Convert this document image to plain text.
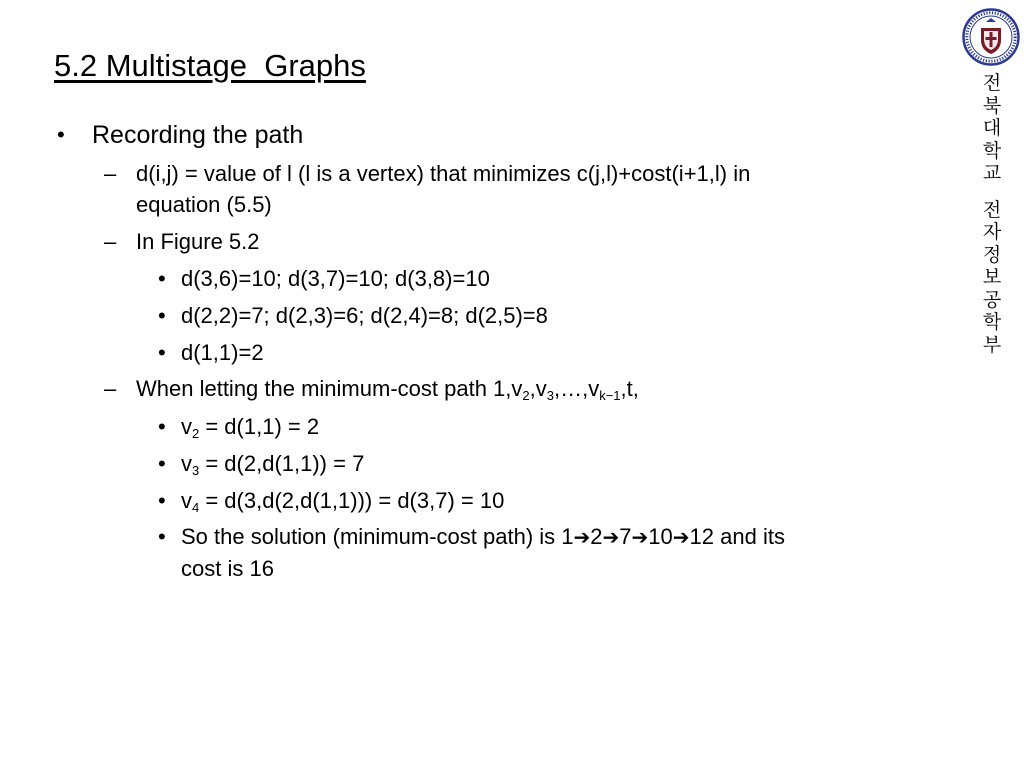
5.2 Multistage  Graphs
• Recording the path
– d(i,j) = value of l (l is a vertex) that minimizes c(j,l)+cost(i+1,l) in
equation (5.5)
– In Figure 5.2
• d(3,6)=10; d(3,7)=10; d(3,8)=10
• d(2,2)=7; d(2,3)=6; d(2,4)=8; d(2,5)=8
• d(1,1)=2
– When letting the minimum-cost path $1,v_2,v_3,\dots,v_{k-1},t$,
• $v_2 = d(1,1) = 2$
• $v_3 = d(2,d(1,1)) = 7$
• $v_4 = d(3,d(2,d(1,1))) = d(3,7) = 10$
• So the solution (minimum-cost path) is 1➔2➔7➔10➔12 and its
cost is 16
전
북
대
학
교
전
자
정
보
공
학
부
